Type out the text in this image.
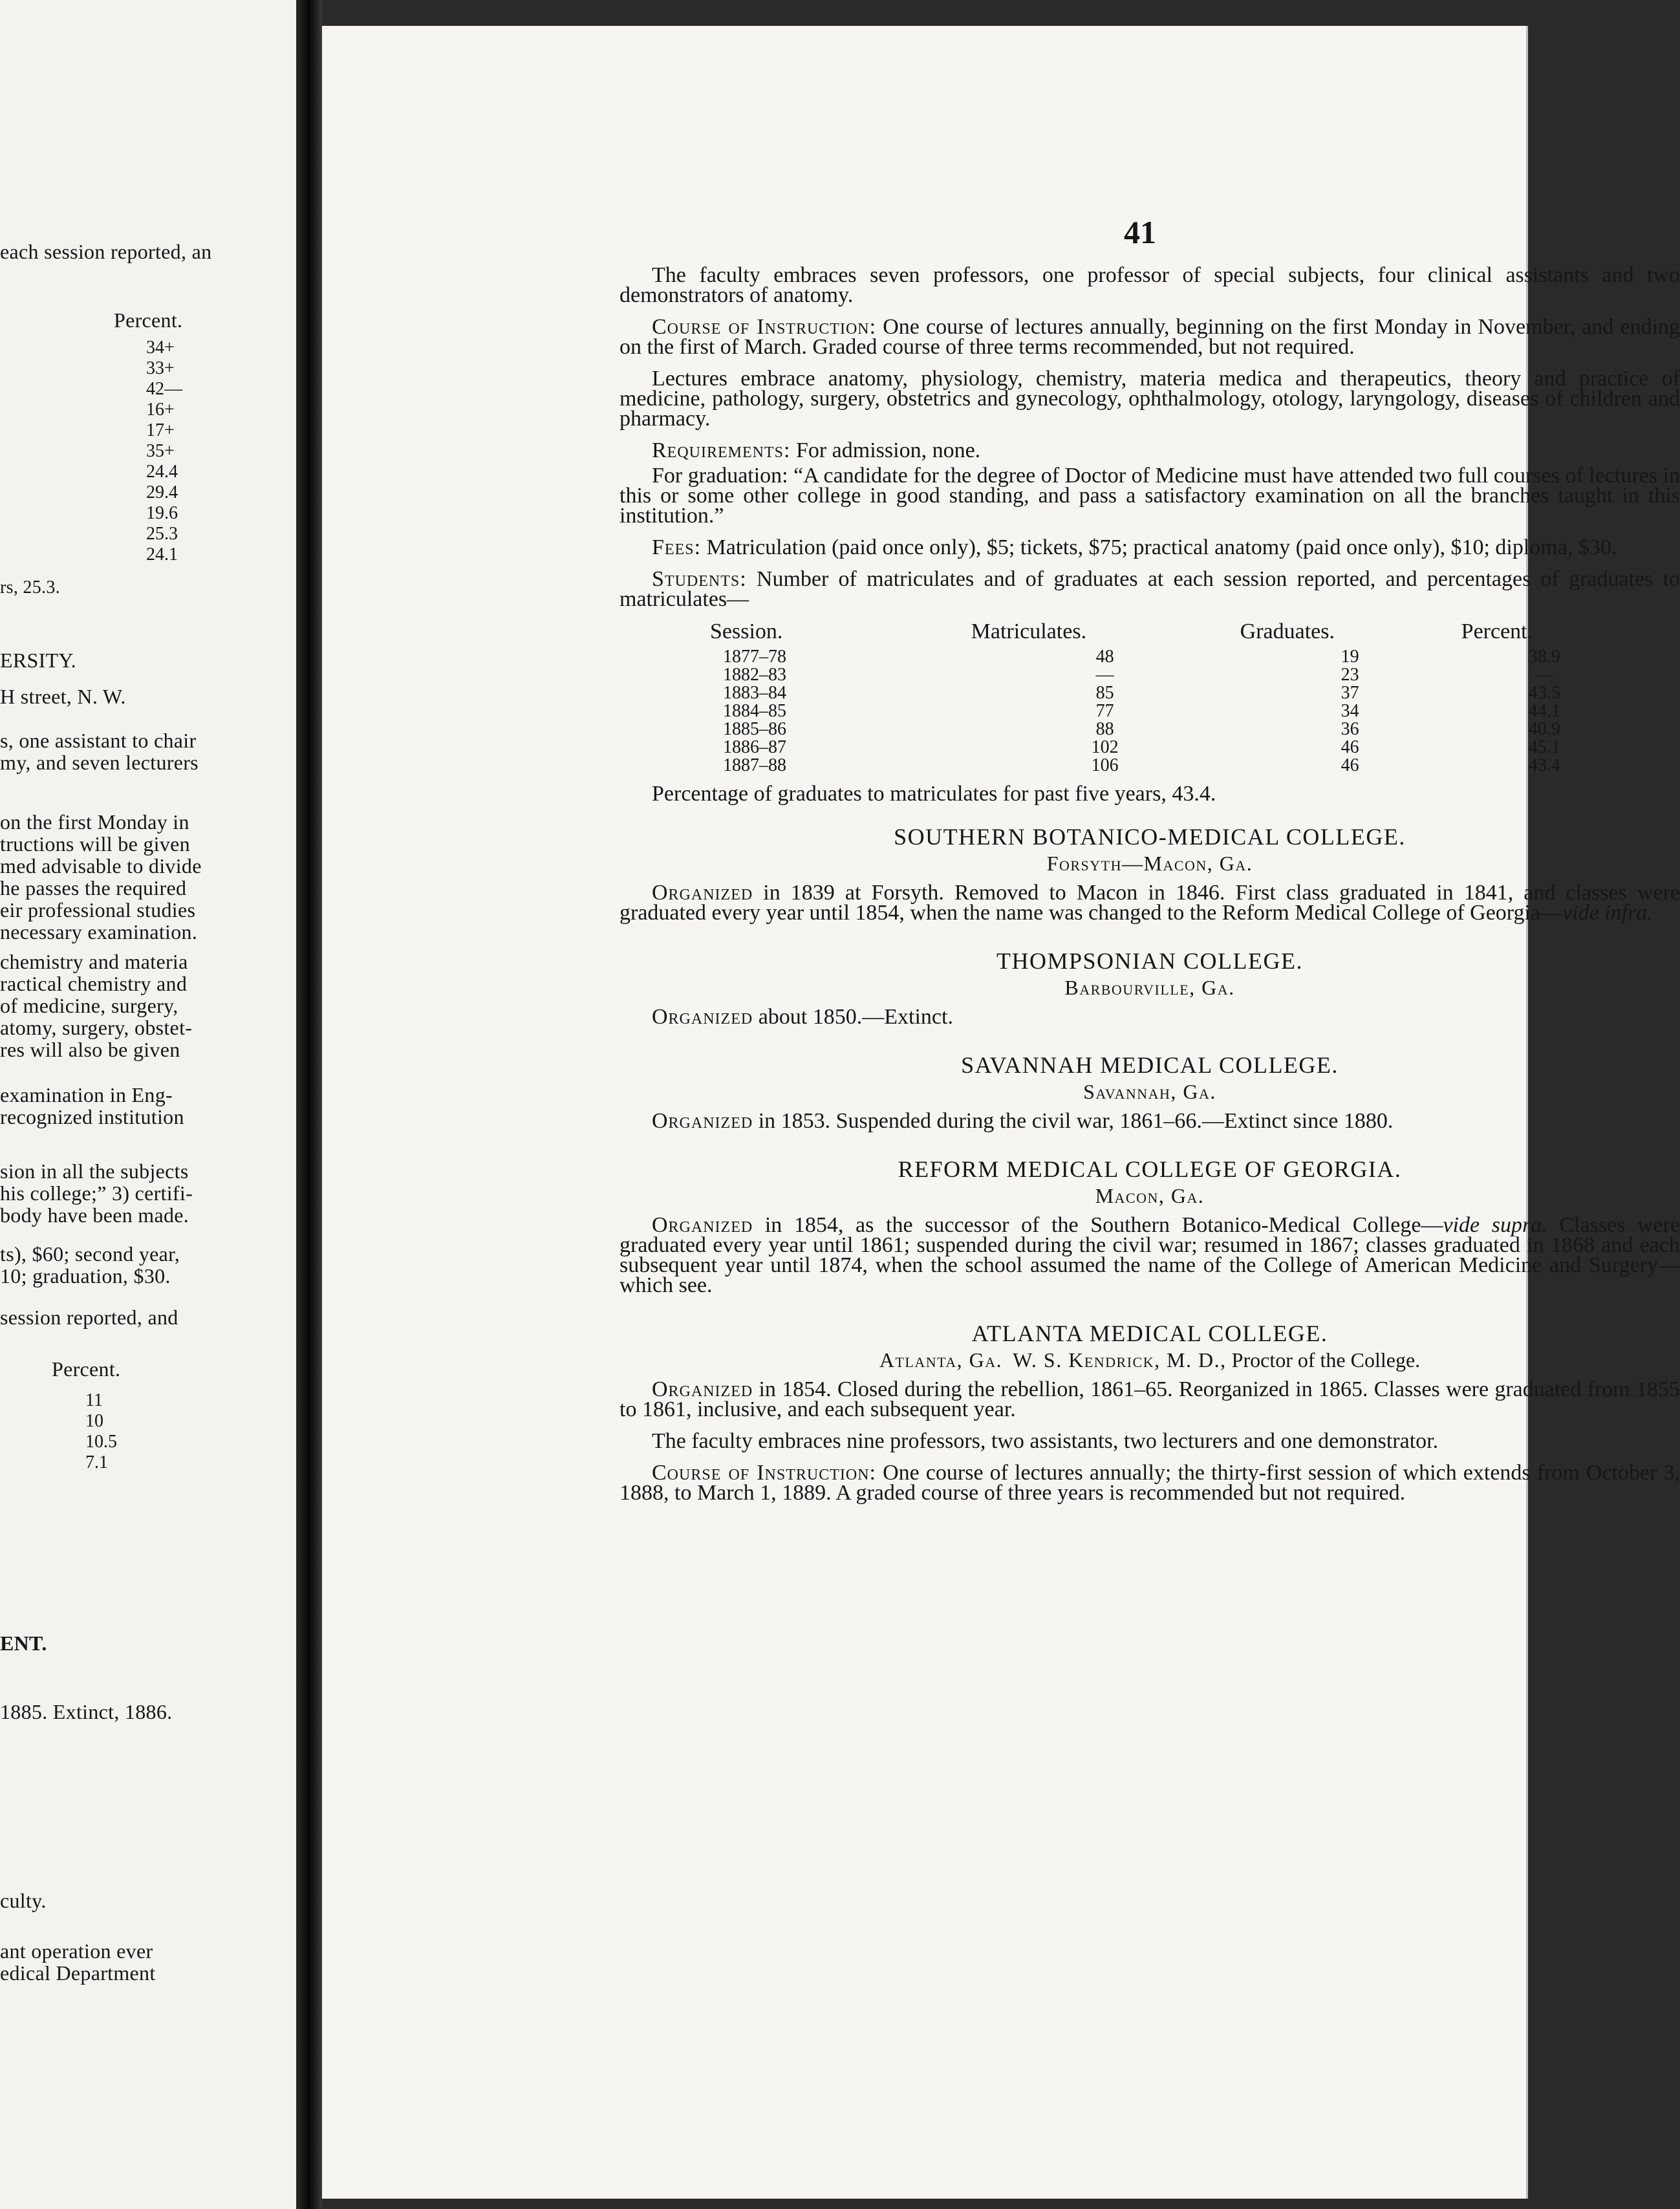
each session reported, an
Percent.
34+
33+
42—
16+
17+
35+
24.4
29.4
19.6
25.3
24.1
rs, 25.3.
ERSITY.
H street, N. W.
s, one assistant to chair
my, and seven lecturers
on the first Monday in
tructions will be given
med advisable to divide
he passes the required
eir professional studies
necessary examination.
chemistry and materia
ractical chemistry and
of medicine, surgery,
atomy, surgery, obstet-
res will also be given
examination in Eng-
recognized institution
sion in all the subjects
his college;” 3) certifi-
body have been made.
ts), $60; second year,
10; graduation, $30.
session reported, and
Percent.
11
10
10.5
7.1
ENT.
1885. Extinct, 1886.
culty.
ant operation ever
edical Department
41

The faculty embraces seven professors, one professor of special subjects, four clinical assistants and two demonstrators of anatomy.

Course of Instruction: One course of lectures annually, beginning on the first Monday in November, and ending on the first of March. Graded course of three terms recommended, but not required.

Lectures embrace anatomy, physiology, chemistry, materia medica and therapeutics, theory and practice of medicine, pathology, surgery, obstetrics and gynecology, ophthalmology, otology, laryngology, diseases of children and pharmacy.

Requirements: For admission, none.

For graduation: “A candidate for the degree of Doctor of Medicine must have attended two full courses of lectures in this or some other college in good standing, and pass a satisfactory examination on all the branches taught in this institution.”

Fees: Matriculation (paid once only), $5; tickets, $75; practical anatomy (paid once only), $10; diploma, $30.

Students: Number of matriculates and of graduates at each session reported, and percentages of graduates to matriculates—

Session.	Matriculates.	Graduates.	Percent.
1877–78	48	19	38.9
1882–83	—	23	—
1883–84	85	37	43.5
1884–85	77	34	44.1
1885–86	88	36	40.9
1886–87	102	46	45.1
1887–88	106	46	43.4

Percentage of graduates to matriculates for past five years, 43.4.

SOUTHERN BOTANICO-MEDICAL COLLEGE.
Forsyth—Macon, Ga.

Organized in 1839 at Forsyth. Removed to Macon in 1846. First class graduated in 1841, and classes were graduated every year until 1854, when the name was changed to the Reform Medical College of Georgia—vide infra.

THOMPSONIAN COLLEGE.
Barbourville, Ga.

Organized about 1850.—Extinct.

SAVANNAH MEDICAL COLLEGE.
Savannah, Ga.

Organized in 1853. Suspended during the civil war, 1861–66.—Extinct since 1880.

REFORM MEDICAL COLLEGE OF GEORGIA.
Macon, Ga.

Organized in 1854, as the successor of the Southern Botanico-Medical College—vide supra. Classes were graduated every year until 1861; suspended during the civil war; resumed in 1867; classes graduated in 1868 and each subsequent year until 1874, when the school assumed the name of the College of American Medicine and Surgery—which see.

ATLANTA MEDICAL COLLEGE.
Atlanta, Ga. W. S. Kendrick, M. D., Proctor of the College.

Organized in 1854. Closed during the rebellion, 1861–65. Reorganized in 1865. Classes were graduated from 1855 to 1861, inclusive, and each subsequent year.

The faculty embraces nine professors, two assistants, two lecturers and one demonstrator.

Course of Instruction: One course of lectures annually; the thirty-first session of which extends from October 3, 1888, to March 1, 1889. A graded course of three years is recommended but not required.
